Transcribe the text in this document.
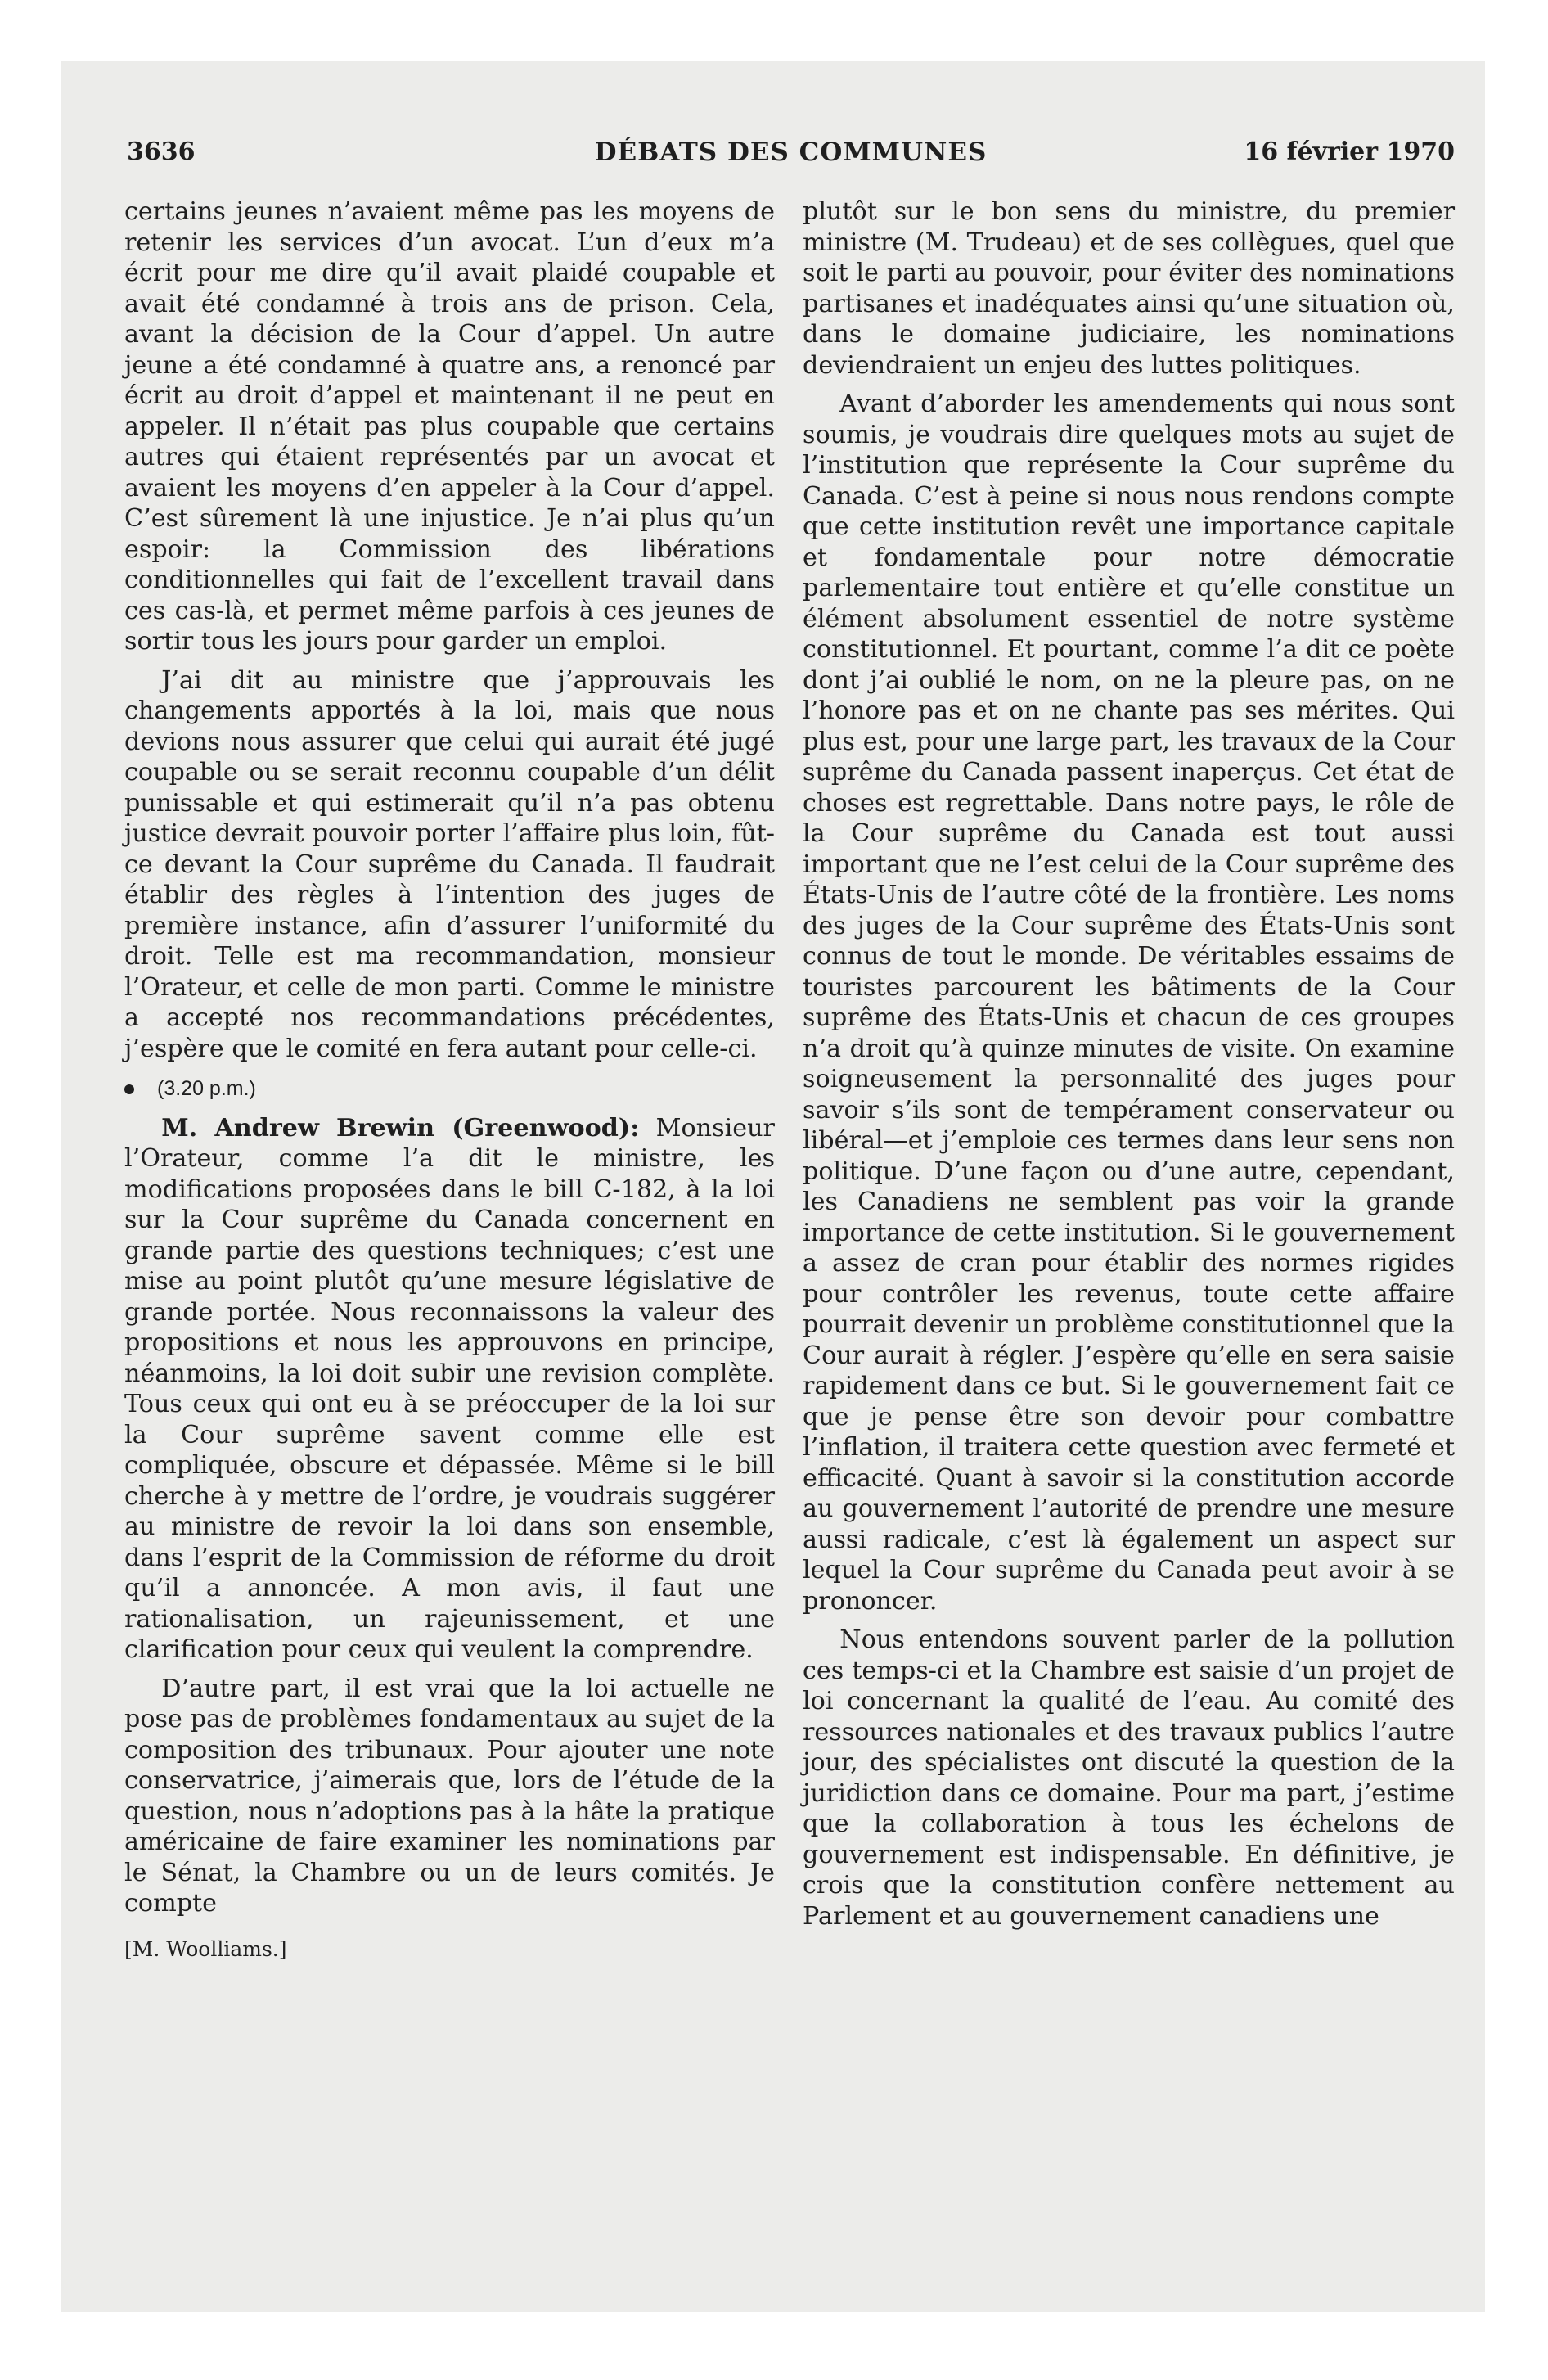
3636	DÉBATS DES COMMUNES	16 février 1970

certains jeunes n’avaient même pas les moyens de retenir les services d’un avocat. L’un d’eux m’a écrit pour me dire qu’il avait plaidé coupable et avait été condamné à trois ans de prison. Cela, avant la décision de la Cour d’appel. Un autre jeune a été condamné à quatre ans, a renoncé par écrit au droit d’appel et maintenant il ne peut en appeler. Il n’était pas plus coupable que certains autres qui étaient représentés par un avocat et avaient les moyens d’en appeler à la Cour d’appel. C’est sûrement là une injustice. Je n’ai plus qu’un espoir: la Commission des libérations conditionnelles qui fait de l’excellent travail dans ces cas-là, et permet même parfois à ces jeunes de sortir tous les jours pour garder un emploi.

J’ai dit au ministre que j’approuvais les changements apportés à la loi, mais que nous devions nous assurer que celui qui aurait été jugé coupable ou se serait reconnu coupable d’un délit punissable et qui estimerait qu’il n’a pas obtenu justice devrait pouvoir porter l’affaire plus loin, fût-ce devant la Cour suprême du Canada. Il faudrait établir des règles à l’intention des juges de première instance, afin d’assurer l’uniformité du droit. Telle est ma recommandation, monsieur l’Orateur, et celle de mon parti. Comme le ministre a accepté nos recommandations précédentes, j’espère que le comité en fera autant pour celle-ci.

(3.20 p.m.)

M. Andrew Brewin (Greenwood): Monsieur l’Orateur, comme l’a dit le ministre, les modifications proposées dans le bill C-182, à la loi sur la Cour suprême du Canada concernent en grande partie des questions techniques; c’est une mise au point plutôt qu’une mesure législative de grande portée. Nous reconnaissons la valeur des propositions et nous les approuvons en principe, néanmoins, la loi doit subir une revision complète. Tous ceux qui ont eu à se préoccuper de la loi sur la Cour suprême savent comme elle est compliquée, obscure et dépassée. Même si le bill cherche à y mettre de l’ordre, je voudrais suggérer au ministre de revoir la loi dans son ensemble, dans l’esprit de la Commission de réforme du droit qu’il a annoncée. A mon avis, il faut une rationalisation, un rajeunissement, et une clarification pour ceux qui veulent la comprendre.

D’autre part, il est vrai que la loi actuelle ne pose pas de problèmes fondamentaux au sujet de la composition des tribunaux. Pour ajouter une note conservatrice, j’aimerais que, lors de l’étude de la question, nous n’adoptions pas à la hâte la pratique américaine de faire examiner les nominations par le Sénat, la Chambre ou un de leurs comités. Je compte

[M. Woolliams.]

plutôt sur le bon sens du ministre, du premier ministre (M. Trudeau) et de ses collègues, quel que soit le parti au pouvoir, pour éviter des nominations partisanes et inadéquates ainsi qu’une situation où, dans le domaine judiciaire, les nominations deviendraient un enjeu des luttes politiques.

Avant d’aborder les amendements qui nous sont soumis, je voudrais dire quelques mots au sujet de l’institution que représente la Cour suprême du Canada. C’est à peine si nous nous rendons compte que cette institution revêt une importance capitale et fondamentale pour notre démocratie parlementaire tout entière et qu’elle constitue un élément absolument essentiel de notre système constitutionnel. Et pourtant, comme l’a dit ce poète dont j’ai oublié le nom, on ne la pleure pas, on ne l’honore pas et on ne chante pas ses mérites. Qui plus est, pour une large part, les travaux de la Cour suprême du Canada passent inaperçus. Cet état de choses est regrettable. Dans notre pays, le rôle de la Cour suprême du Canada est tout aussi important que ne l’est celui de la Cour suprême des États-Unis de l’autre côté de la frontière. Les noms des juges de la Cour suprême des États-Unis sont connus de tout le monde. De véritables essaims de touristes parcourent les bâtiments de la Cour suprême des États-Unis et chacun de ces groupes n’a droit qu’à quinze minutes de visite. On examine soigneusement la personnalité des juges pour savoir s’ils sont de tempérament conservateur ou libéral—et j’emploie ces termes dans leur sens non politique. D’une façon ou d’une autre, cependant, les Canadiens ne semblent pas voir la grande importance de cette institution. Si le gouvernement a assez de cran pour établir des normes rigides pour contrôler les revenus, toute cette affaire pourrait devenir un problème constitutionnel que la Cour aurait à régler. J’espère qu’elle en sera saisie rapidement dans ce but. Si le gouvernement fait ce que je pense être son devoir pour combattre l’inflation, il traitera cette question avec fermeté et efficacité. Quant à savoir si la constitution accorde au gouvernement l’autorité de prendre une mesure aussi radicale, c’est là également un aspect sur lequel la Cour suprême du Canada peut avoir à se prononcer.

Nous entendons souvent parler de la pollution ces temps-ci et la Chambre est saisie d’un projet de loi concernant la qualité de l’eau. Au comité des ressources nationales et des travaux publics l’autre jour, des spécialistes ont discuté la question de la juridiction dans ce domaine. Pour ma part, j’estime que la collaboration à tous les échelons de gouvernement est indispensable. En définitive, je crois que la constitution confère nettement au Parlement et au gouvernement canadiens une
